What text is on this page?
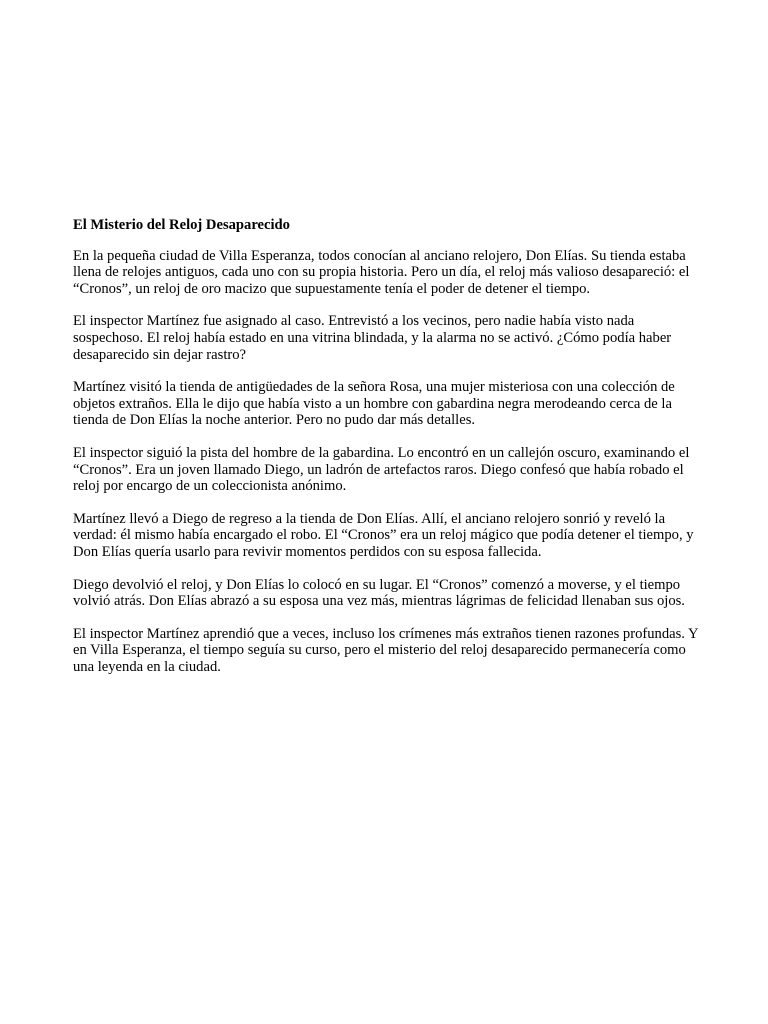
El Misterio del Reloj Desaparecido

En la pequeña ciudad de Villa Esperanza, todos conocían al anciano relojero, Don Elías. Su tienda estaba llena de relojes antiguos, cada uno con su propia historia. Pero un día, el reloj más valioso desapareció: el “Cronos”, un reloj de oro macizo que supuestamente tenía el poder de detener el tiempo.

El inspector Martínez fue asignado al caso. Entrevistó a los vecinos, pero nadie había visto nada sospechoso. El reloj había estado en una vitrina blindada, y la alarma no se activó. ¿Cómo podía haber desaparecido sin dejar rastro?

Martínez visitó la tienda de antigüedades de la señora Rosa, una mujer misteriosa con una colección de objetos extraños. Ella le dijo que había visto a un hombre con gabardina negra merodeando cerca de la tienda de Don Elías la noche anterior. Pero no pudo dar más detalles.

El inspector siguió la pista del hombre de la gabardina. Lo encontró en un callejón oscuro, examinando el “Cronos”. Era un joven llamado Diego, un ladrón de artefactos raros. Diego confesó que había robado el reloj por encargo de un coleccionista anónimo.

Martínez llevó a Diego de regreso a la tienda de Don Elías. Allí, el anciano relojero sonrió y reveló la verdad: él mismo había encargado el robo. El “Cronos” era un reloj mágico que podía detener el tiempo, y Don Elías quería usarlo para revivir momentos perdidos con su esposa fallecida.

Diego devolvió el reloj, y Don Elías lo colocó en su lugar. El “Cronos” comenzó a moverse, y el tiempo volvió atrás. Don Elías abrazó a su esposa una vez más, mientras lágrimas de felicidad llenaban sus ojos.

El inspector Martínez aprendió que a veces, incluso los crímenes más extraños tienen razones profundas. Y en Villa Esperanza, el tiempo seguía su curso, pero el misterio del reloj desaparecido permanecería como una leyenda en la ciudad.
